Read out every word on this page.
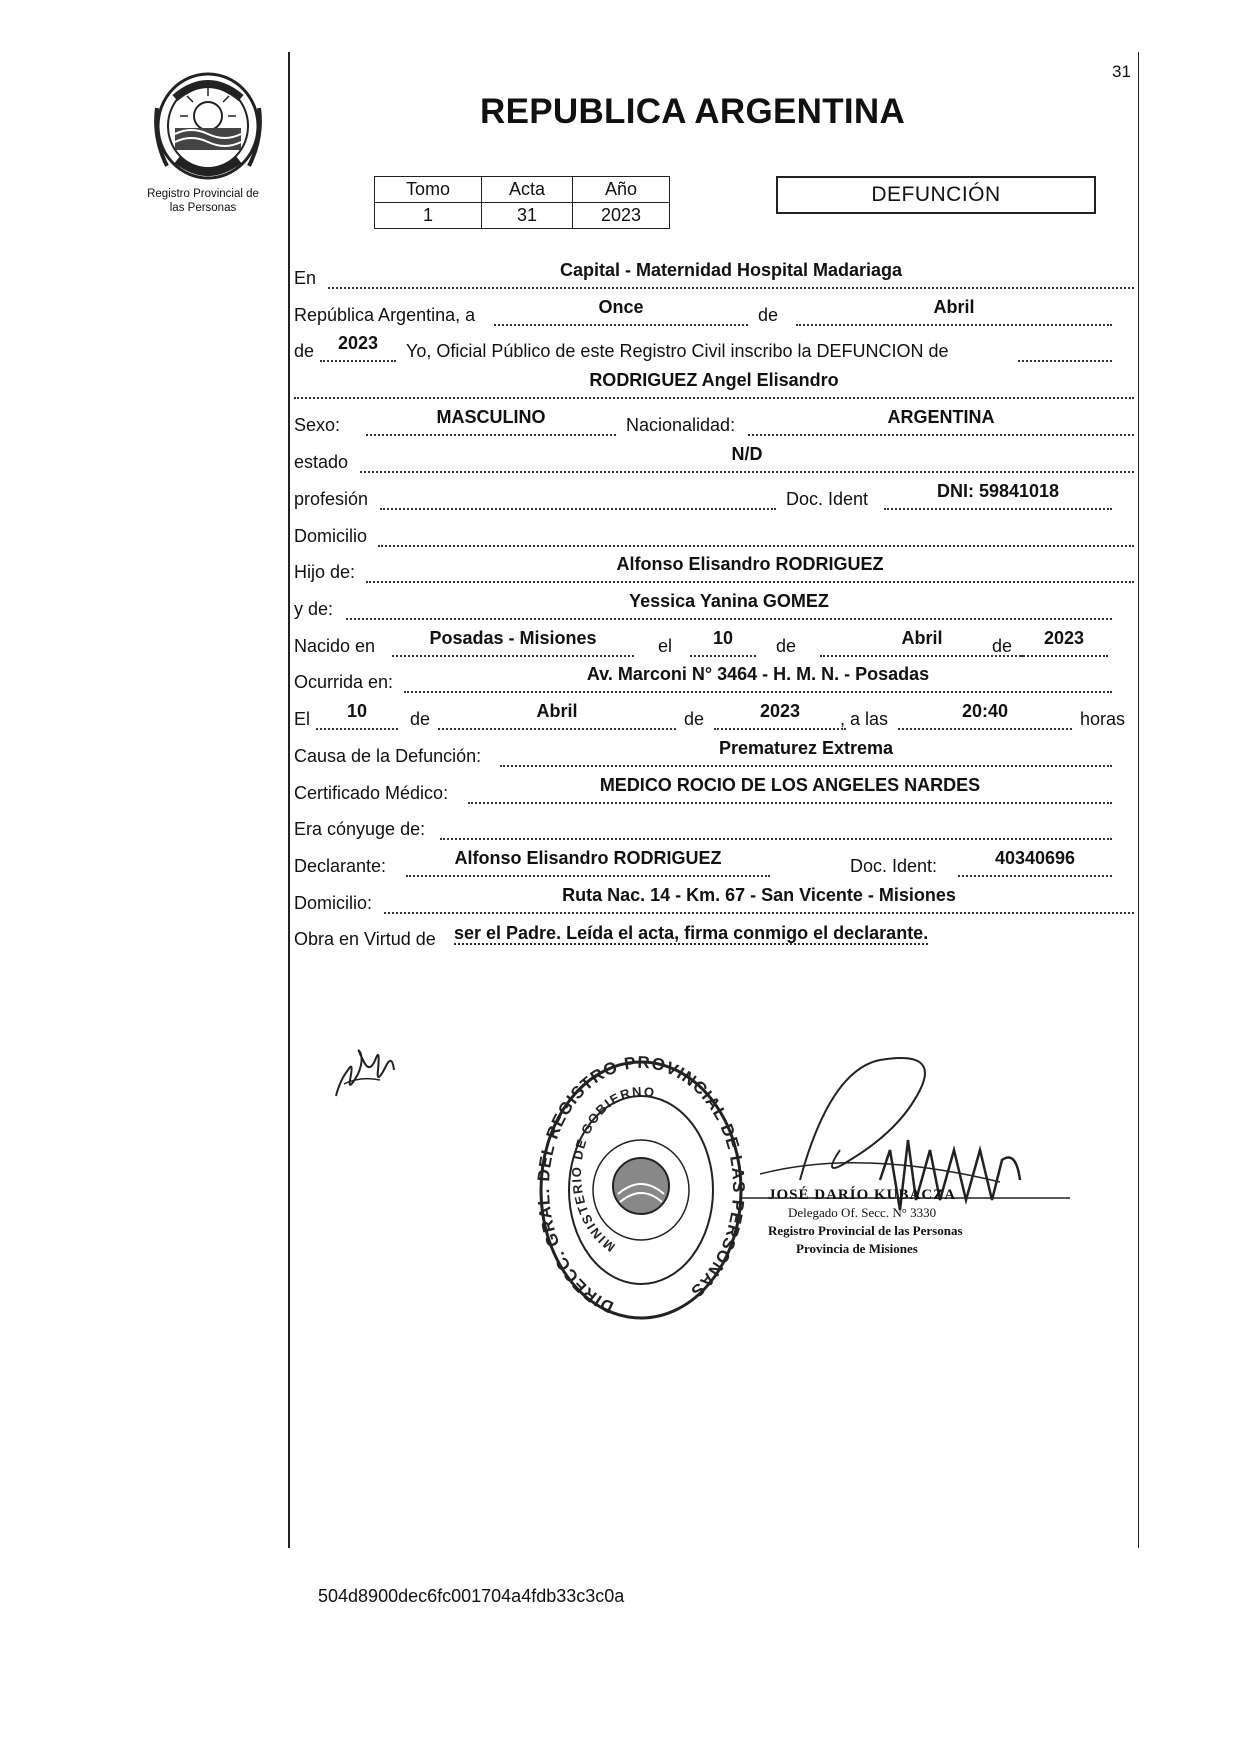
Registro Provincial de
las Personas
31
REPUBLICA ARGENTINA
Tomo	Acta	Año
1	31	2023
DEFUNCIÓN
En	Capital - Maternidad Hospital Madariaga
República Argentina, a	Once	de	Abril
de	2023	Yo, Oficial Público de este Registro Civil inscribo la DEFUNCION de
RODRIGUEZ Angel Elisandro
Sexo:	MASCULINO	Nacionalidad:	ARGENTINA
estado	N/D
profesión	Doc. Ident	DNI: 59841018
Domicilio
Hijo de:	Alfonso Elisandro RODRIGUEZ
y de:	Yessica Yanina GOMEZ
Nacido en	Posadas - Misiones	el	10	de	Abril	de	2023
Ocurrida en:	Av. Marconi N° 3464 - H. M. N. - Posadas
El	10	de	Abril	de	2023	, a las	20:40	horas
Causa de la Defunción:	Prematurez Extrema
Certificado Médico:	MEDICO ROCIO DE LOS ANGELES NARDES
Era cónyuge de:
Declarante:	Alfonso Elisandro RODRIGUEZ	Doc. Ident:	40340696
Domicilio:	Ruta Nac. 14 - Km. 67 - San Vicente - Misiones
Obra en Virtud de ser el Padre. Leída el acta, firma conmigo el declarante.
DIRECC. GRAL DEL REGISTRO PROVINCIAL DE LA PERSONAS
MINISTERIO DE GOBIERNO
JOSÉ DARÍO KUBACZA
Delegado Of. Secc. N° 3330
Registro Provincial de las Personas
Provincia de Misiones
504d8900dec6fc001704a4fdb33c3c0a
